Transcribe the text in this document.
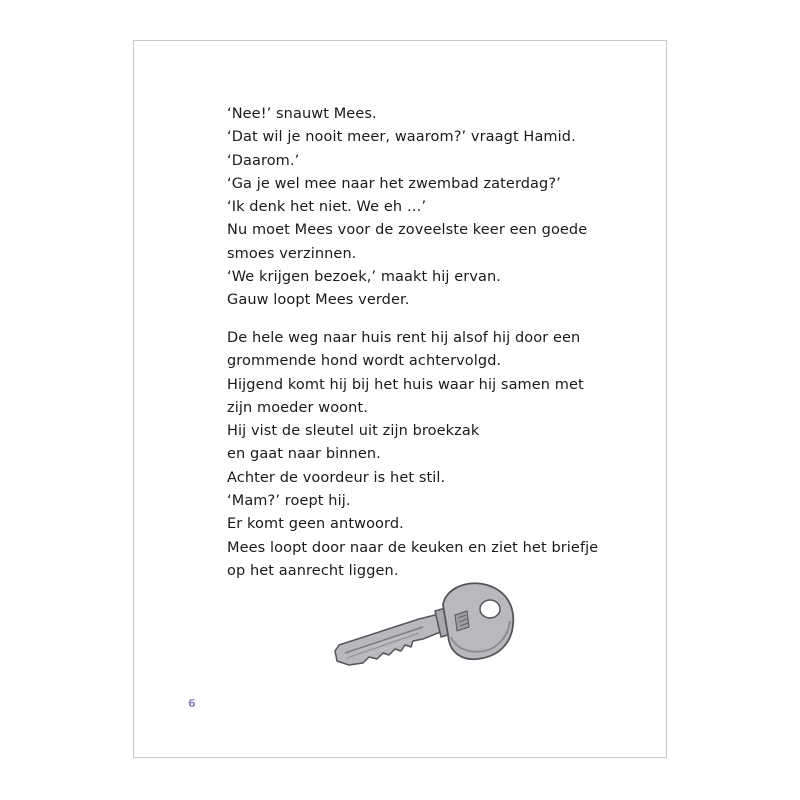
‘Nee!’ snauwt Mees.
‘Dat wil je nooit meer, waarom?’ vraagt Hamid.
‘Daarom.’
‘Ga je wel mee naar het zwembad zaterdag?’
‘Ik denk het niet. We eh …’
Nu moet Mees voor de zoveelste keer een goede
smoes verzinnen.
‘We krijgen bezoek,’ maakt hij ervan.
Gauw loopt Mees verder.
De hele weg naar huis rent hij alsof hij door een
grommende hond wordt achtervolgd.
Hijgend komt hij bij het huis waar hij samen met
zijn moeder woont.
Hij vist de sleutel uit zijn broekzak
en gaat naar binnen.
Achter de voordeur is het stil.
‘Mam?’ roept hij.
Er komt geen antwoord.
Mees loopt door naar de keuken en ziet het briefje
op het aanrecht liggen.
6
